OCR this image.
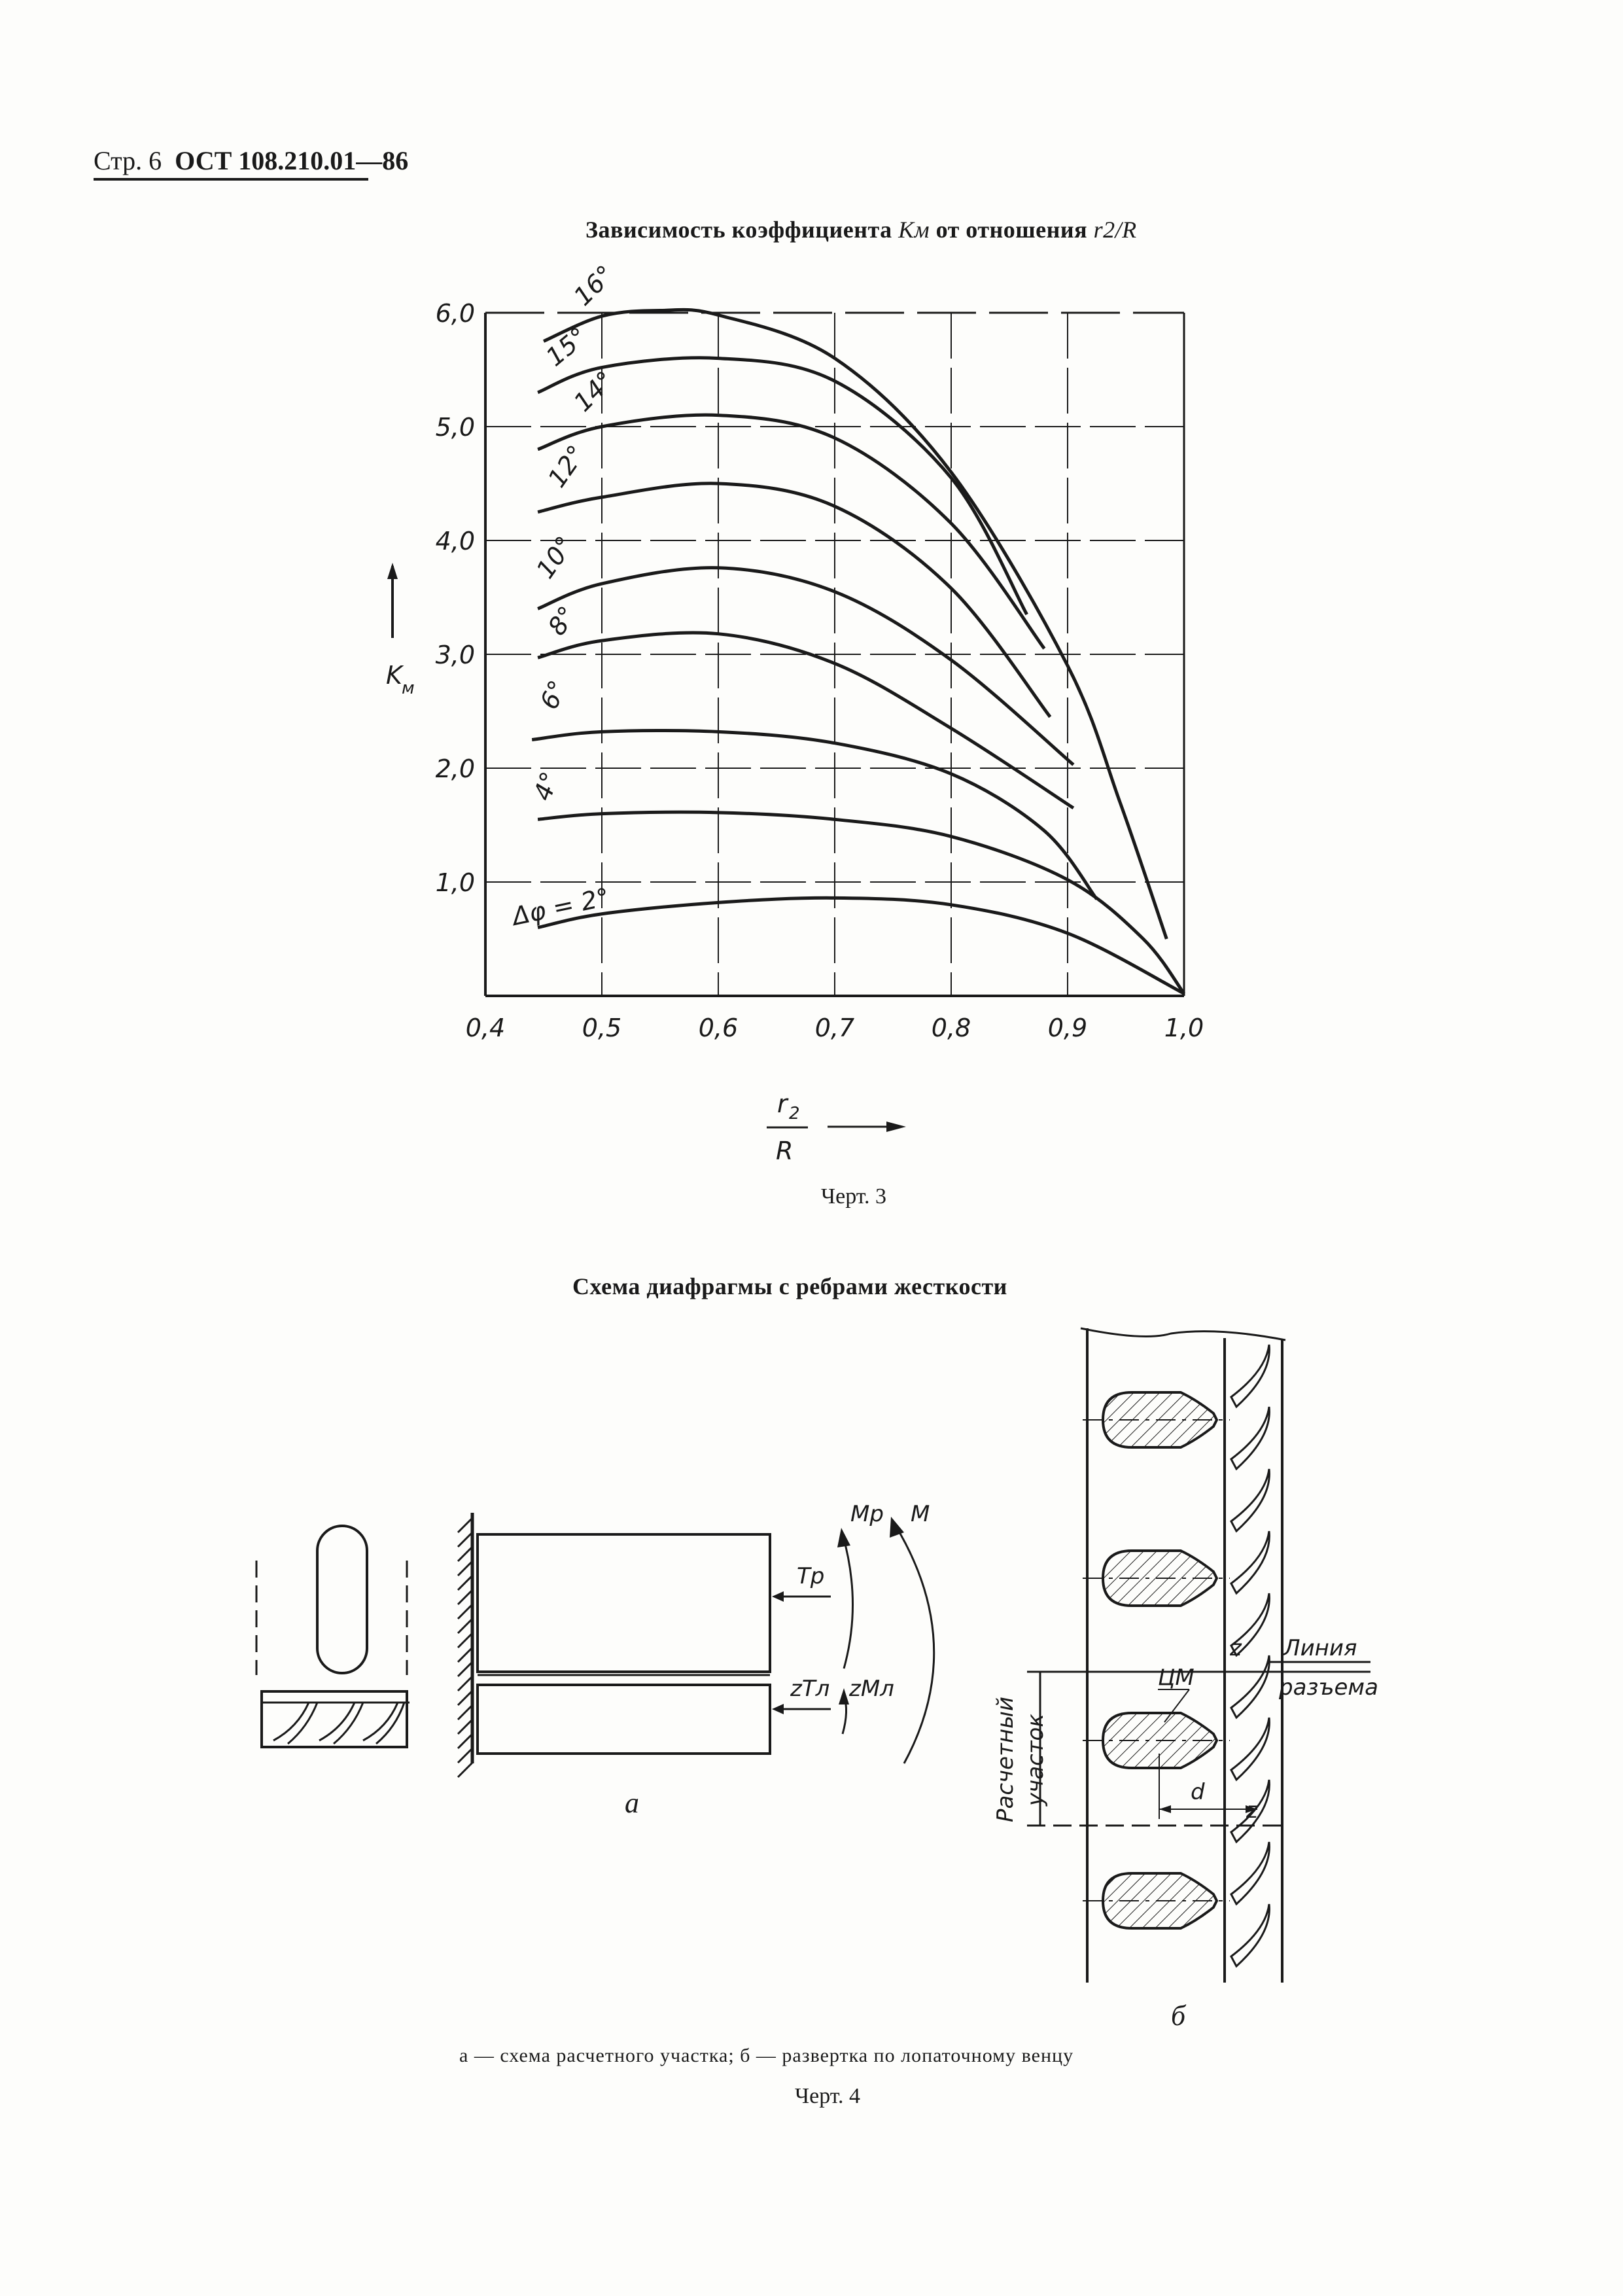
Стр. 6 ОСТ 108.210.01—86
Зависимость коэффициента Kм от отношения r2/R
0,4	0,5	0,6	0,7	0,8	0,9	1,0
1,0
2,0
3,0
4,0
5,0
6,0
Δφ = 2°
4°
6°
8°
10°
12°
14°
15°
16°
K м
r 2
R
Mp M
Tp
zTл zMл
а
Линия
разъема
z
Расчетный участок
ЦМ
d
z
б
Черт. 3
Схема диафрагмы с ребрами жесткости
а — схема расчетного участка; б — развертка по лопаточному венцу
Черт. 4
